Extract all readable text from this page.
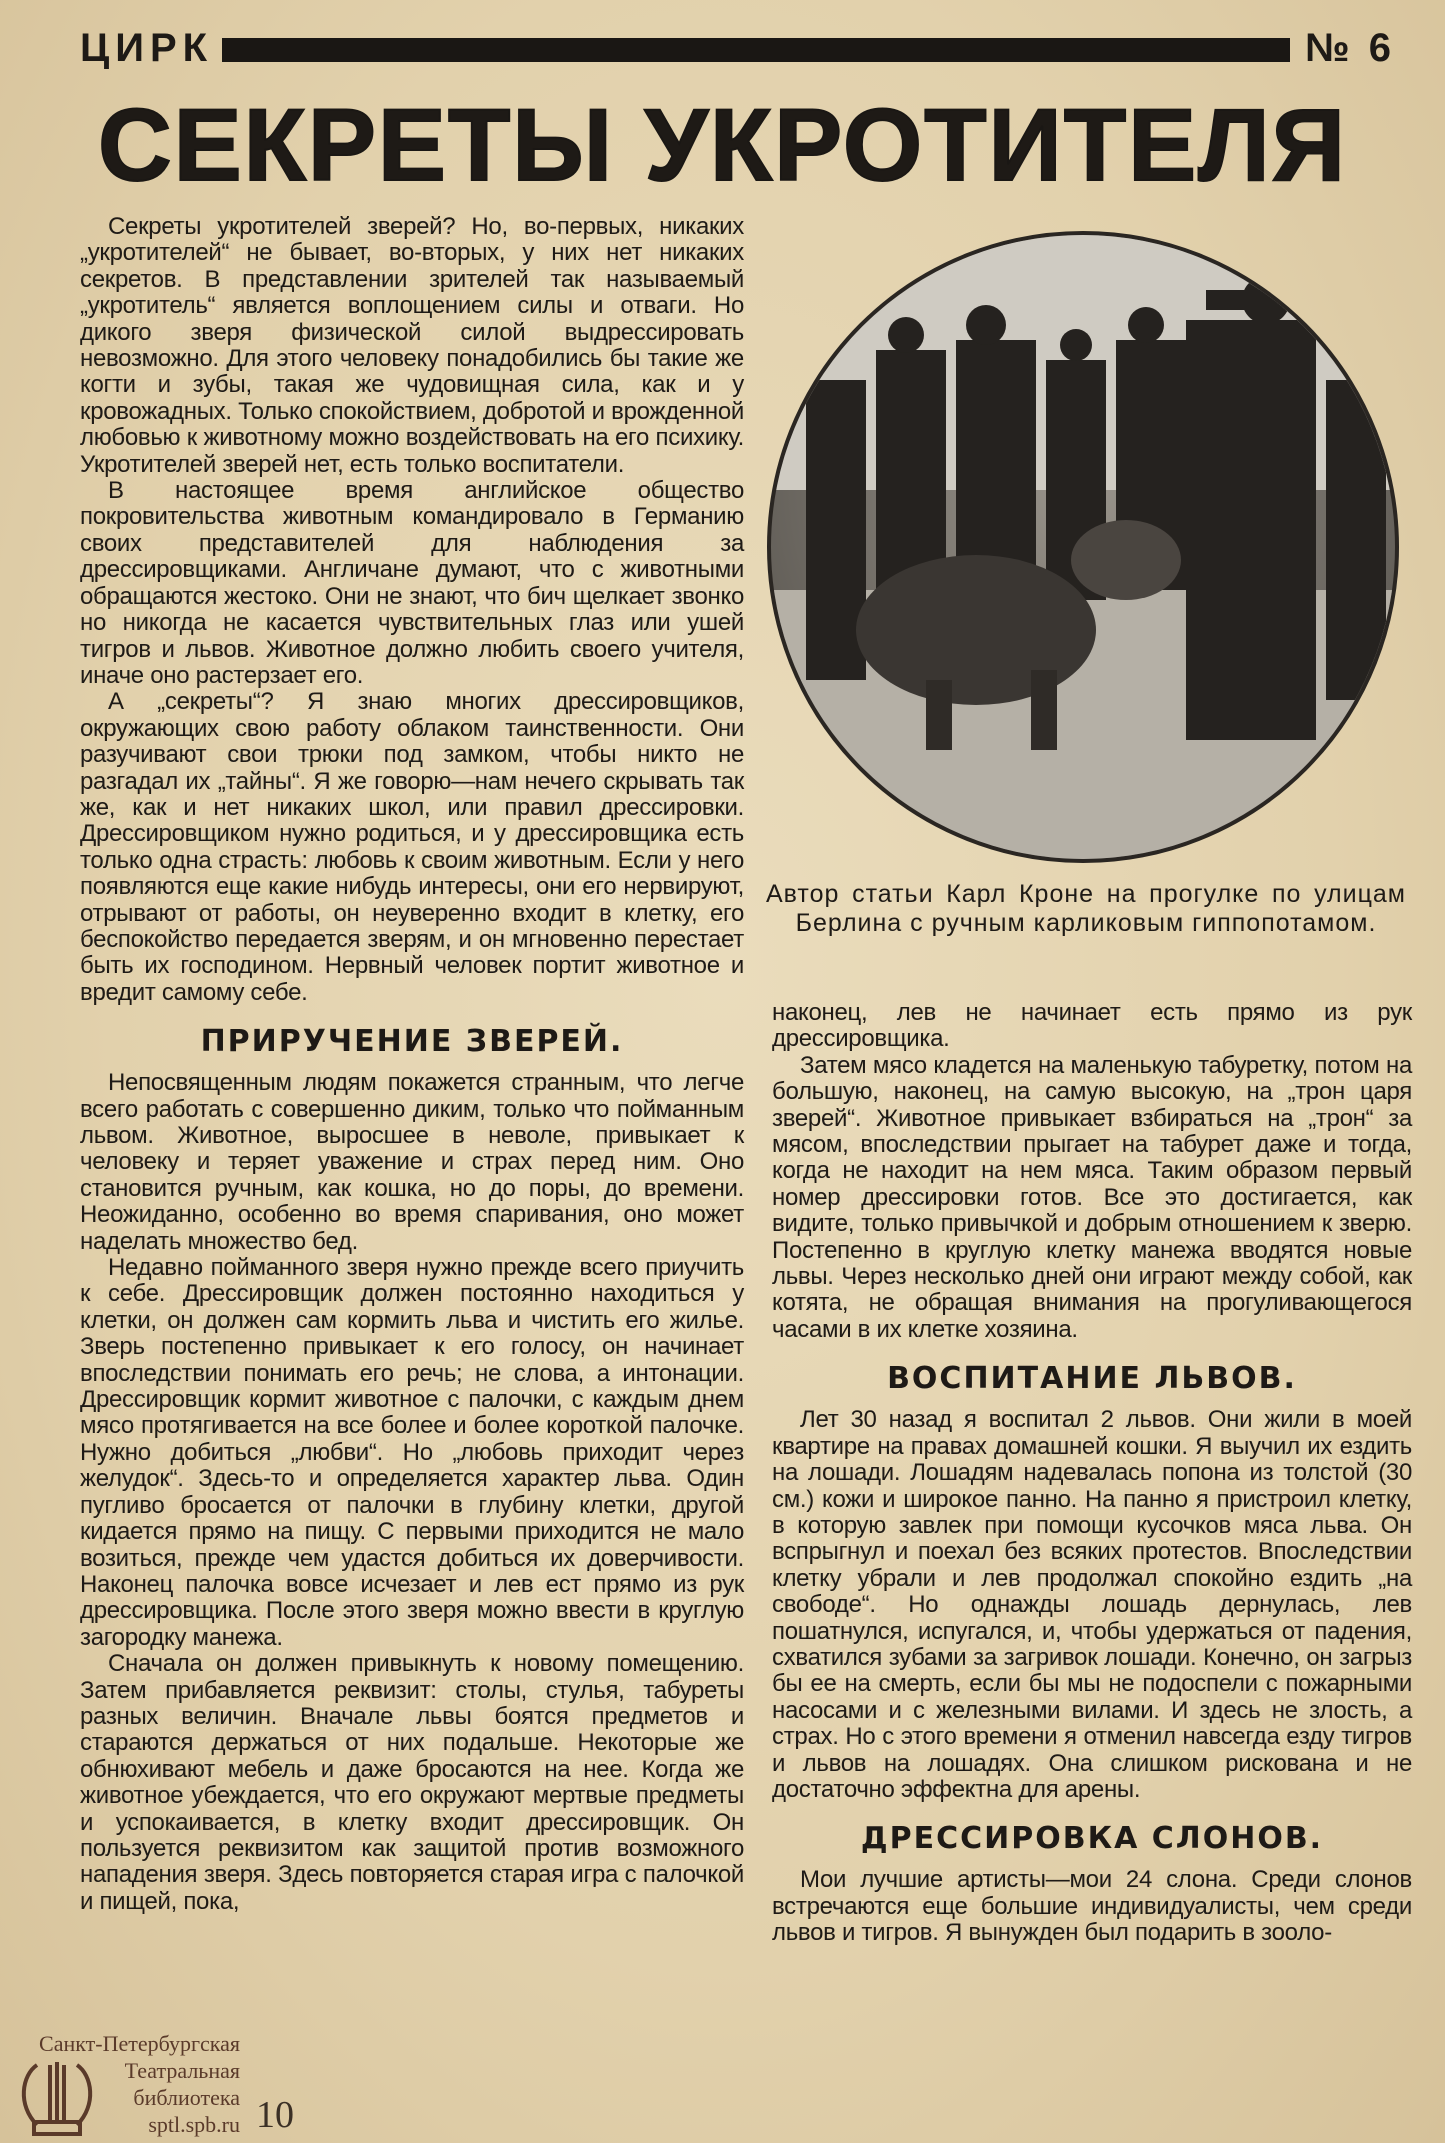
ЦИРК	№ 6
СЕКРЕТЫ УКРОТИТЕЛЯ

Секреты укротителей зверей? Но, во-первых, никаких „укротителей“ не бывает, во-вторых, у них нет никаких секретов. В представлении зрителей так называемый „укротитель“ является воплощением силы и отваги. Но дикого зверя физической силой выдрессировать невозможно. Для этого человеку понадобились бы такие же когти и зубы, такая же чудовищная сила, как и у кровожадных. Только спокойствием, добротой и врожденной любовью к животному можно воздействовать на его психику. Укротителей зверей нет, есть только воспитатели.

В настоящее время английское общество покровительства животным командировало в Германию своих представителей для наблюдения за дрессировщиками. Англичане думают, что с животными обращаются жестоко. Они не знают, что бич щелкает звонко но никогда не касается чувствительных глаз или ушей тигров и львов. Животное должно любить своего учителя, иначе оно растерзает его.

А „секреты“? Я знаю многих дрессировщиков, окружающих свою работу облаком таинственности. Они разучивают свои трюки под замком, чтобы никто не разгадал их „тайны“. Я же говорю—нам нечего скрывать так же, как и нет никаких школ, или правил дрессировки. Дрессировщиком нужно родиться, и у дрессировщика есть только одна страсть: любовь к своим животным. Если у него появляются еще какие нибудь интересы, они его нервируют, отрывают от работы, он неуверенно входит в клетку, его беспокойство передается зверям, и он мгновенно перестает быть их господином. Нервный человек портит животное и вредит самому себе.

ПРИРУЧЕНИЕ ЗВЕРЕЙ.

Непосвященным людям покажется странным, что легче всего работать с совершенно диким, только что пойманным львом. Животное, выросшее в неволе, привыкает к человеку и теряет уважение и страх перед ним. Оно становится ручным, как кошка, но до поры, до времени. Неожиданно, особенно во время спаривания, оно может наделать множество бед.

Недавно пойманного зверя нужно прежде всего приучить к себе. Дрессировщик должен постоянно находиться у клетки, он должен сам кормить льва и чистить его жилье. Зверь постепенно привыкает к его голосу, он начинает впоследствии понимать его речь; не слова, а интонации. Дрессировщик кормит животное с палочки, с каждым днем мясо протягивается на все более и более короткой палочке. Нужно добиться „любви“. Но „любовь приходит через желудок“. Здесь-то и определяется характер льва. Один пугливо бросается от палочки в глубину клетки, другой кидается прямо на пищу. С первыми приходится не мало возиться, прежде чем удастся добиться их доверчивости. Наконец палочка вовсе исчезает и лев ест прямо из рук дрессировщика. После этого зверя можно ввести в круглую загородку манежа.

Сначала он должен привыкнуть к новому помещению. Затем прибавляется реквизит: столы, стулья, табуреты разных величин. Вначале львы боятся предметов и стараются держаться от них подальше. Некоторые же обнюхивают мебель и даже бросаются на нее. Когда же животное убеждается, что его окружают мертвые предметы и успокаивается, в клетку входит дрессировщик. Он пользуется реквизитом как защитой против возможного нападения зверя. Здесь повторяется старая игра с палочкой и пищей, пока,

Автор статьи Карл Кроне на прогулке по улицам Берлина с ручным карликовым гиппопотамом.

наконец, лев не начинает есть прямо из рук дрессировщика.

Затем мясо кладется на маленькую табуретку, потом на большую, наконец, на самую высокую, на „трон царя зверей“. Животное привыкает взбираться на „трон“ за мясом, впоследствии прыгает на табурет даже и тогда, когда не находит на нем мяса. Таким образом первый номер дрессировки готов. Все это достигается, как видите, только привычкой и добрым отношением к зверю. Постепенно в круглую клетку манежа вводятся новые львы. Через несколько дней они играют между собой, как котята, не обращая внимания на прогуливающегося часами в их клетке хозяина.

ВОСПИТАНИЕ ЛЬВОВ.

Лет 30 назад я воспитал 2 львов. Они жили в моей квартире на правах домашней кошки. Я выучил их ездить на лошади. Лошадям надевалась попона из толстой (30 см.) кожи и широкое панно. На панно я пристроил клетку, в которую завлек при помощи кусочков мяса льва. Он вспрыгнул и поехал без всяких протестов. Впоследствии клетку убрали и лев продолжал спокойно ездить „на свободе“. Но однажды лошадь дернулась, лев пошатнулся, испугался, и, чтобы удержаться от падения, схватился зубами за загривок лошади. Конечно, он загрыз бы ее на смерть, если бы мы не подоспели с пожарными насосами и с железными вилами. И здесь не злость, а страх. Но с этого времени я отменил навсегда езду тигров и львов на лошадях. Она слишком рискована и не достаточно эффектна для арены.

ДРЕССИРОВКА СЛОНОВ.

Мои лучшие артисты—мои 24 слона. Среди слонов встречаются еще большие индивидуалисты, чем среди львов и тигров. Я вынужден был подарить в зооло-

Санкт-Петербургская
Театральная
библиотека
sptl.spb.ru 10
